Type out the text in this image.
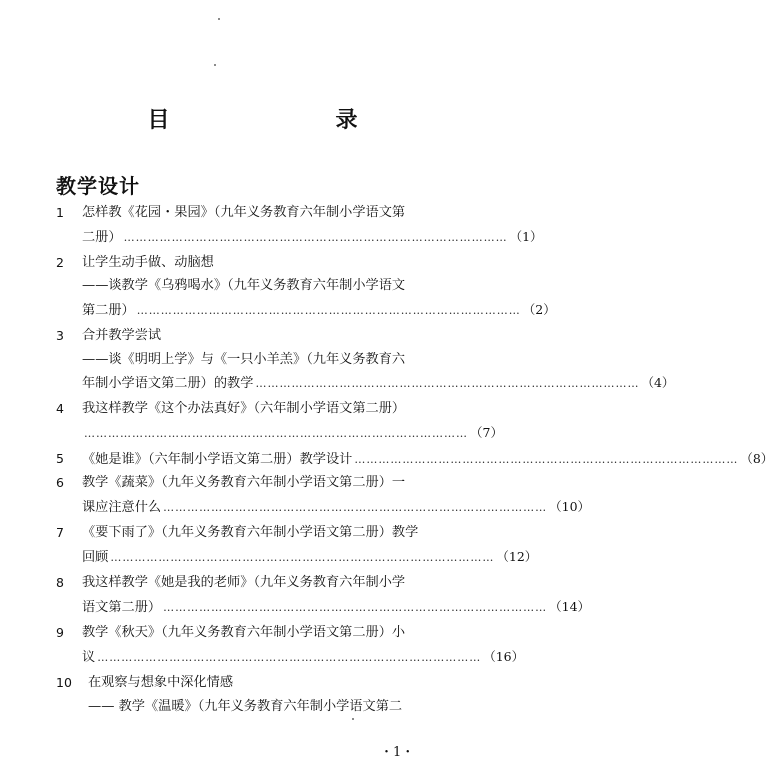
目　录
教学设计
1 怎样教《花园・果园》（九年义务教育六年制小学语文第
二册） …………………………………………………………………………………… （1）
2 让学生动手做、动脑想
——谈教学《乌鸦喝水》（九年义务教育六年制小学语文
第二册） …………………………………………………………………………………… （2）
3 合并教学尝试
——谈《明明上学》与《一只小羊羔》（九年义务教育六
年制小学语文第二册）的教学 …………………………………………………………………………………… （4）
4 我这样教学《这个办法真好》（六年制小学语文第二册）
…………………………………………………………………………………… （7）
5 《她是谁》（六年制小学语文第二册）教学设计 …………………………………………………………………………………… （8）
6 教学《蔬菜》（九年义务教育六年制小学语文第二册）一
课应注意什么 …………………………………………………………………………………… （10）
7 《要下雨了》（九年义务教育六年制小学语文第二册）教学
回顾 …………………………………………………………………………………… （12）
8 我这样教学《她是我的老师》（九年义务教育六年制小学
语文第二册） …………………………………………………………………………………… （14）
9 教学《秋天》（九年义务教育六年制小学语文第二册）小
议 …………………………………………………………………………………… （16）
10 在观察与想象中深化情感
—— 教学《温暖》（九年义务教育六年制小学语文第二
・1・
